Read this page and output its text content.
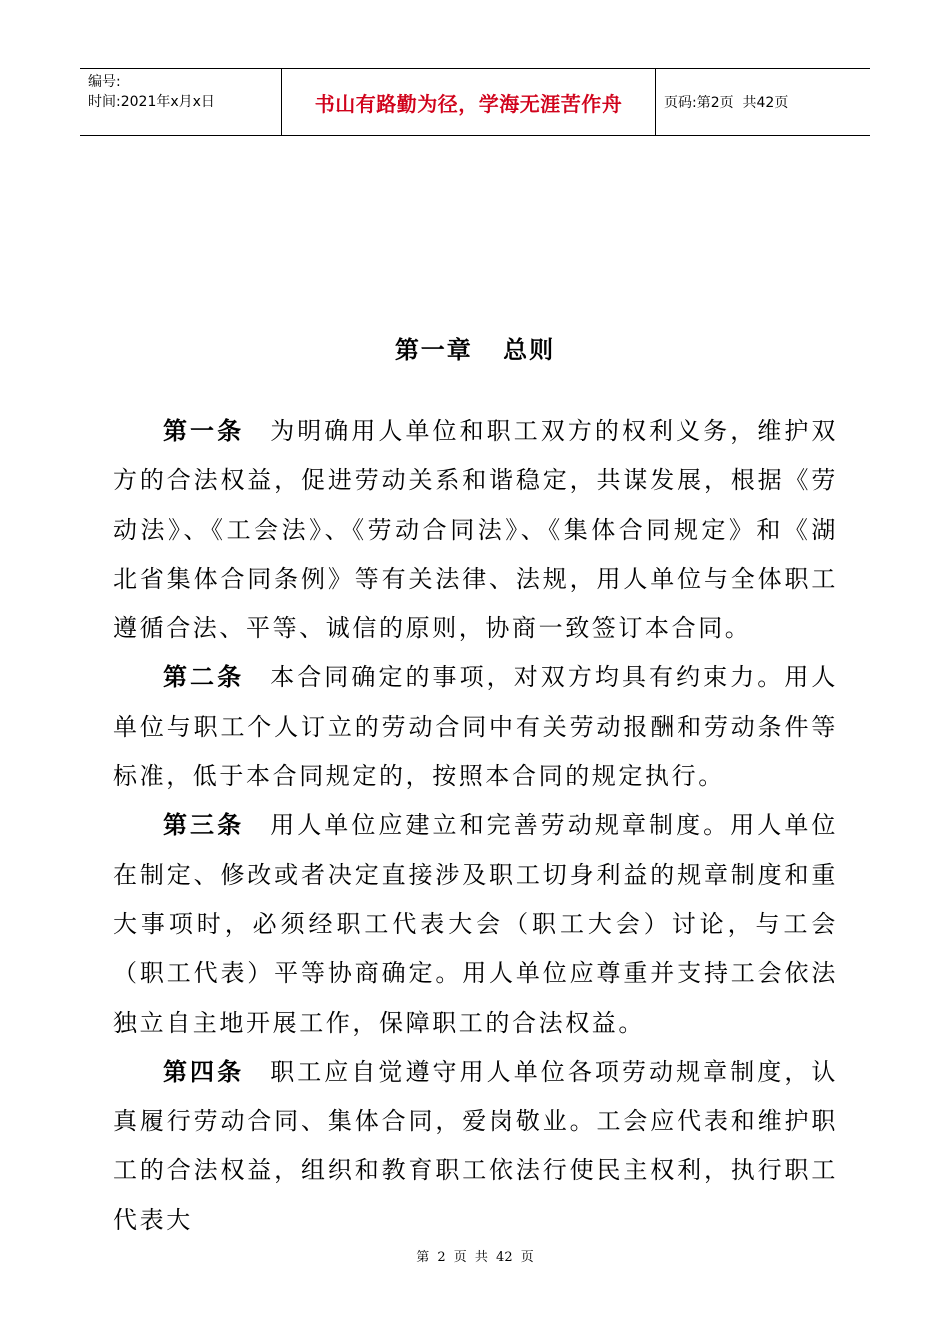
编号:
时间:2021年x月x日	书山有路勤为径，学海无涯苦作舟	页码:第2页  共42页
第一章 总则

第一条 为明确用人单位和职工双方的权利义务，维护双方的合法权益，促进劳动关系和谐稳定，共谋发展，根据《劳动法》、《工会法》、《劳动合同法》、《集体合同规定》和《湖北省集体合同条例》等有关法律、法规，用人单位与全体职工遵循合法、平等、诚信的原则，协商一致签订本合同。

第二条 本合同确定的事项，对双方均具有约束力。用人单位与职工个人订立的劳动合同中有关劳动报酬和劳动条件等标准，低于本合同规定的，按照本合同的规定执行。

第三条 用人单位应建立和完善劳动规章制度。用人单位在制定、修改或者决定直接涉及职工切身利益的规章制度和重大事项时，必须经职工代表大会（职工大会）讨论，与工会（职工代表）平等协商确定。用人单位应尊重并支持工会依法独立自主地开展工作，保障职工的合法权益。

第四条 职工应自觉遵守用人单位各项劳动规章制度，认真履行劳动合同、集体合同，爱岗敬业。工会应代表和维护职工的合法权益，组织和教育职工依法行使民主权利，执行职工代表大

第 2 页 共 42 页
